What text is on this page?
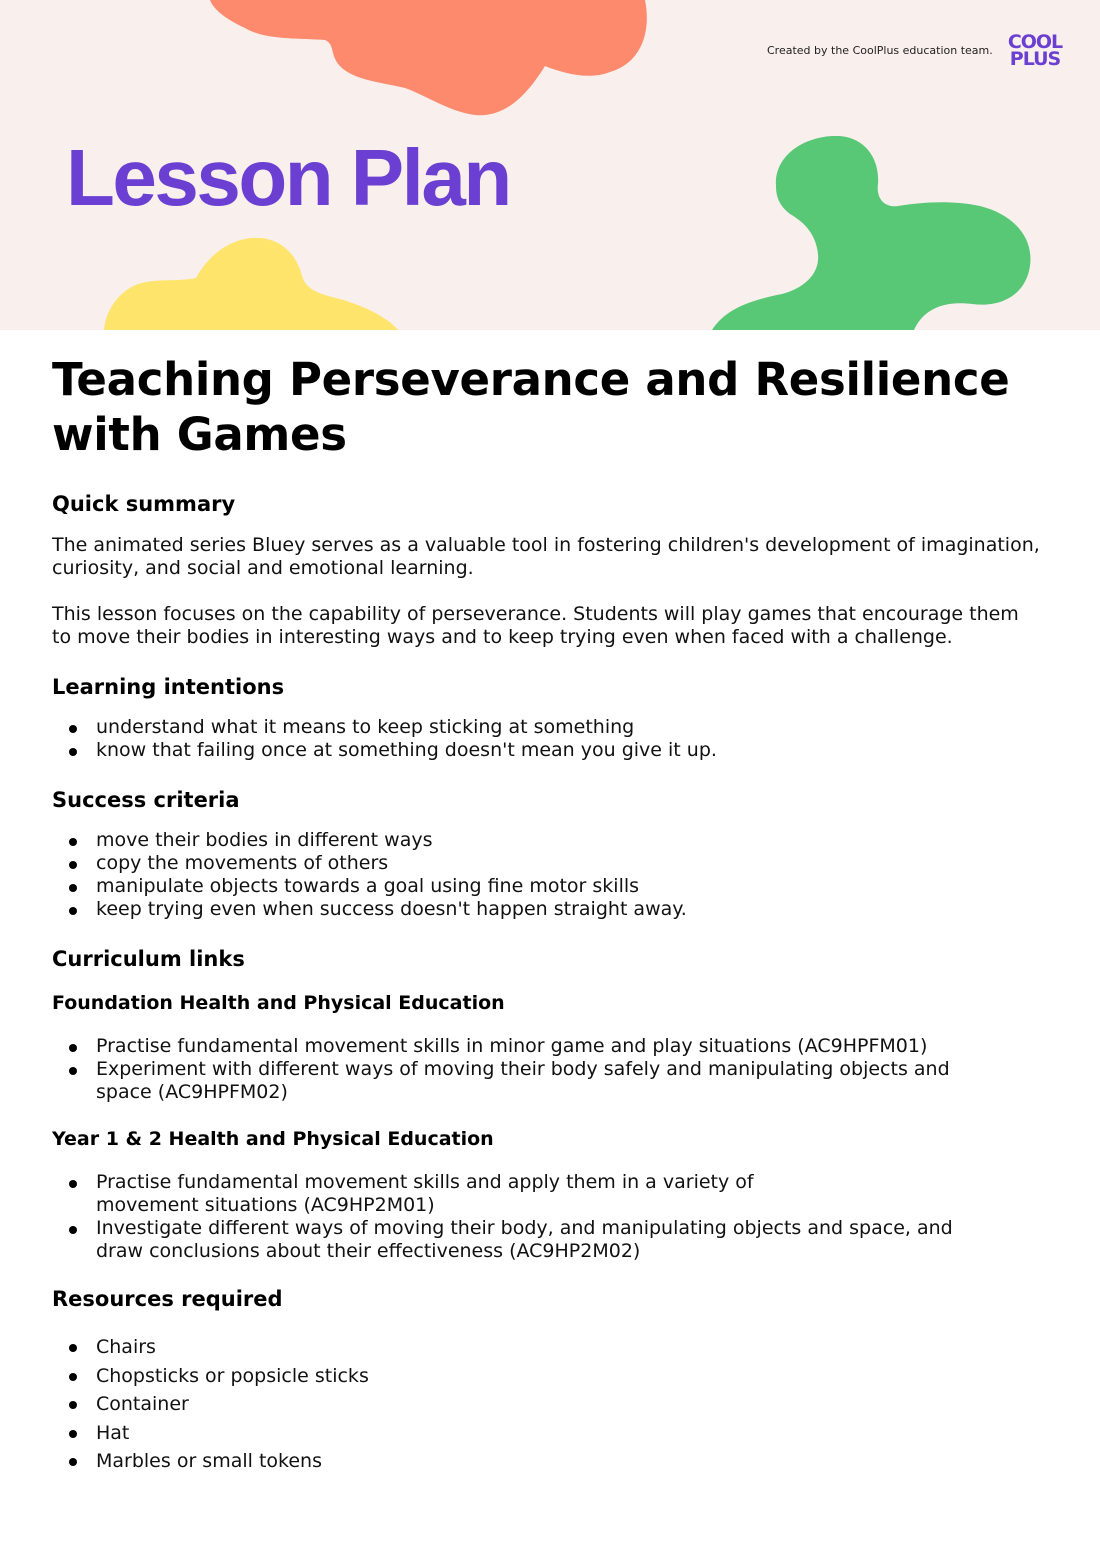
Created by the CoolPlus education team. COOL
PLUS
Lesson Plan
Teaching Perseverance and Resilience with Games
Quick summary

The animated series Bluey serves as a valuable tool in fostering children's development of imagination, curiosity, and social and emotional learning.

This lesson focuses on the capability of perseverance. Students will play games that encourage them to move their bodies in interesting ways and to keep trying even when faced with a challenge.

Learning intentions
understand what it means to keep sticking at something
know that failing once at something doesn't mean you give it up.
Success criteria
move their bodies in different ways
copy the movements of others
manipulate objects towards a goal using fine motor skills
keep trying even when success doesn't happen straight away.
Curriculum links
Foundation Health and Physical Education
Practise fundamental movement skills in minor game and play situations (AC9HPFM01)
Experiment with different ways of moving their body safely and manipulating objects and space (AC9HPFM02)
Year 1 & 2 Health and Physical Education
Practise fundamental movement skills and apply them in a variety of movement situations (AC9HP2M01)
Investigate different ways of moving their body, and manipulating objects and space, and draw conclusions about their effectiveness (AC9HP2M02)
Resources required
Chairs
Chopsticks or popsicle sticks
Container
Hat
Marbles or small tokens
